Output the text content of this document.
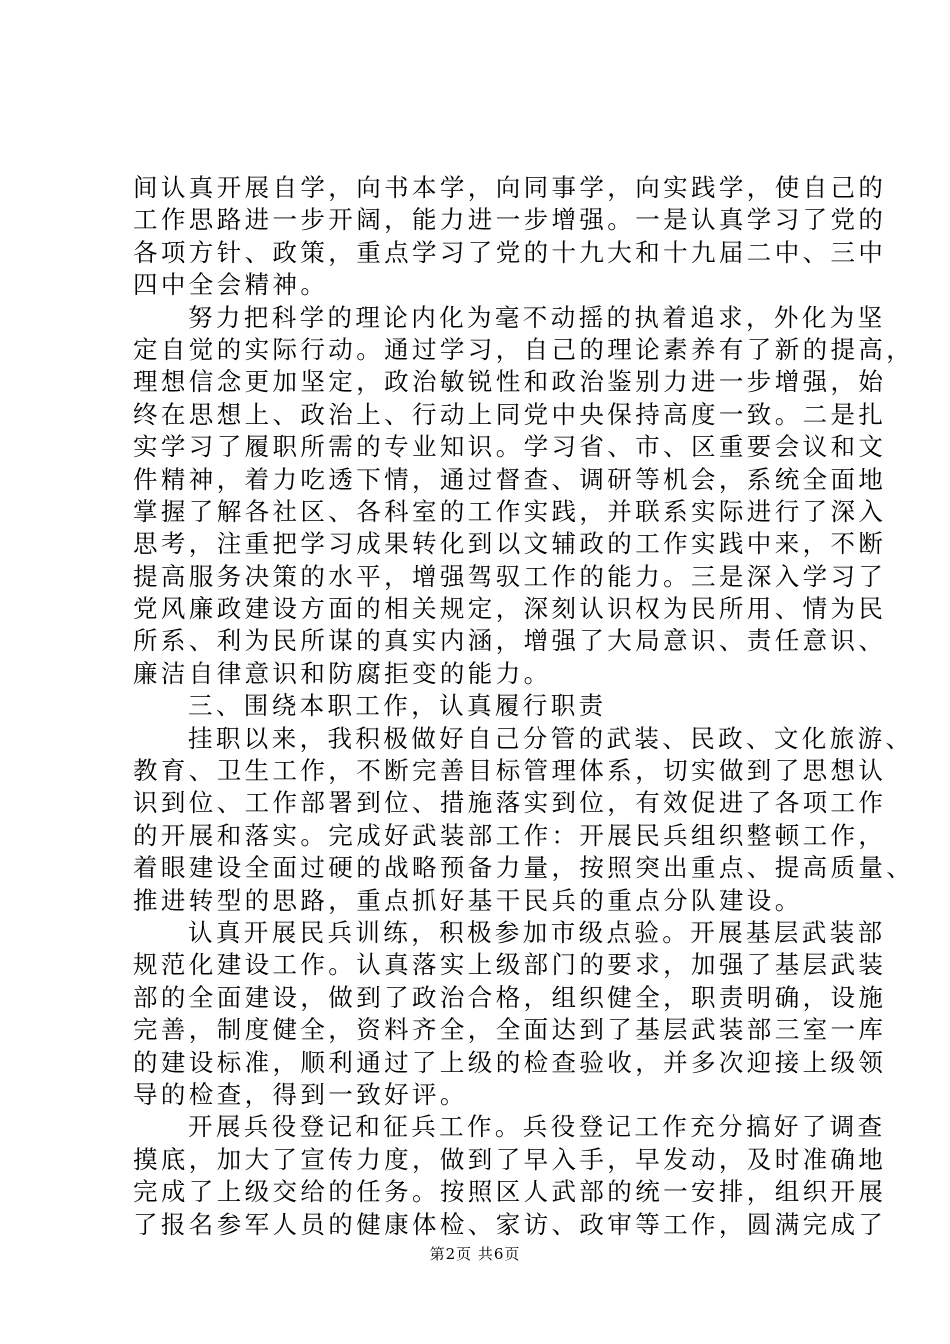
间认真开展自学，向书本学，向同事学，向实践学，使自己的
工作思路进一步开阔，能力进一步增强。一是认真学习了党的
各项方针、政策，重点学习了党的十九大和十九届二中、三中
四中全会精神。
努力把科学的理论内化为毫不动摇的执着追求，外化为坚
定自觉的实际行动。通过学习，自己的理论素养有了新的提高，
理想信念更加坚定，政治敏锐性和政治鉴别力进一步增强，始
终在思想上、政治上、行动上同党中央保持高度一致。二是扎
实学习了履职所需的专业知识。学习省、市、区重要会议和文
件精神，着力吃透下情，通过督查、调研等机会，系统全面地
掌握了解各社区、各科室的工作实践，并联系实际进行了深入
思考，注重把学习成果转化到以文辅政的工作实践中来，不断
提高服务决策的水平，增强驾驭工作的能力。三是深入学习了
党风廉政建设方面的相关规定，深刻认识权为民所用、情为民
所系、利为民所谋的真实内涵，增强了大局意识、责任意识、
廉洁自律意识和防腐拒变的能力。
三、围绕本职工作，认真履行职责
挂职以来，我积极做好自己分管的武装、民政、文化旅游、
教育、卫生工作，不断完善目标管理体系，切实做到了思想认
识到位、工作部署到位、措施落实到位，有效促进了各项工作
的开展和落实。完成好武装部工作：开展民兵组织整顿工作，
着眼建设全面过硬的战略预备力量，按照突出重点、提高质量、
推进转型的思路，重点抓好基干民兵的重点分队建设。
认真开展民兵训练，积极参加市级点验。开展基层武装部
规范化建设工作。认真落实上级部门的要求，加强了基层武装
部的全面建设，做到了政治合格，组织健全，职责明确，设施
完善，制度健全，资料齐全，全面达到了基层武装部三室一库
的建设标准，顺利通过了上级的检查验收，并多次迎接上级领
导的检查，得到一致好评。
开展兵役登记和征兵工作。兵役登记工作充分搞好了调查
摸底，加大了宣传力度，做到了早入手，早发动，及时准确地
完成了上级交给的任务。按照区人武部的统一安排，组织开展
了报名参军人员的健康体检、家访、政审等工作，圆满完成了
第2页 共6页
